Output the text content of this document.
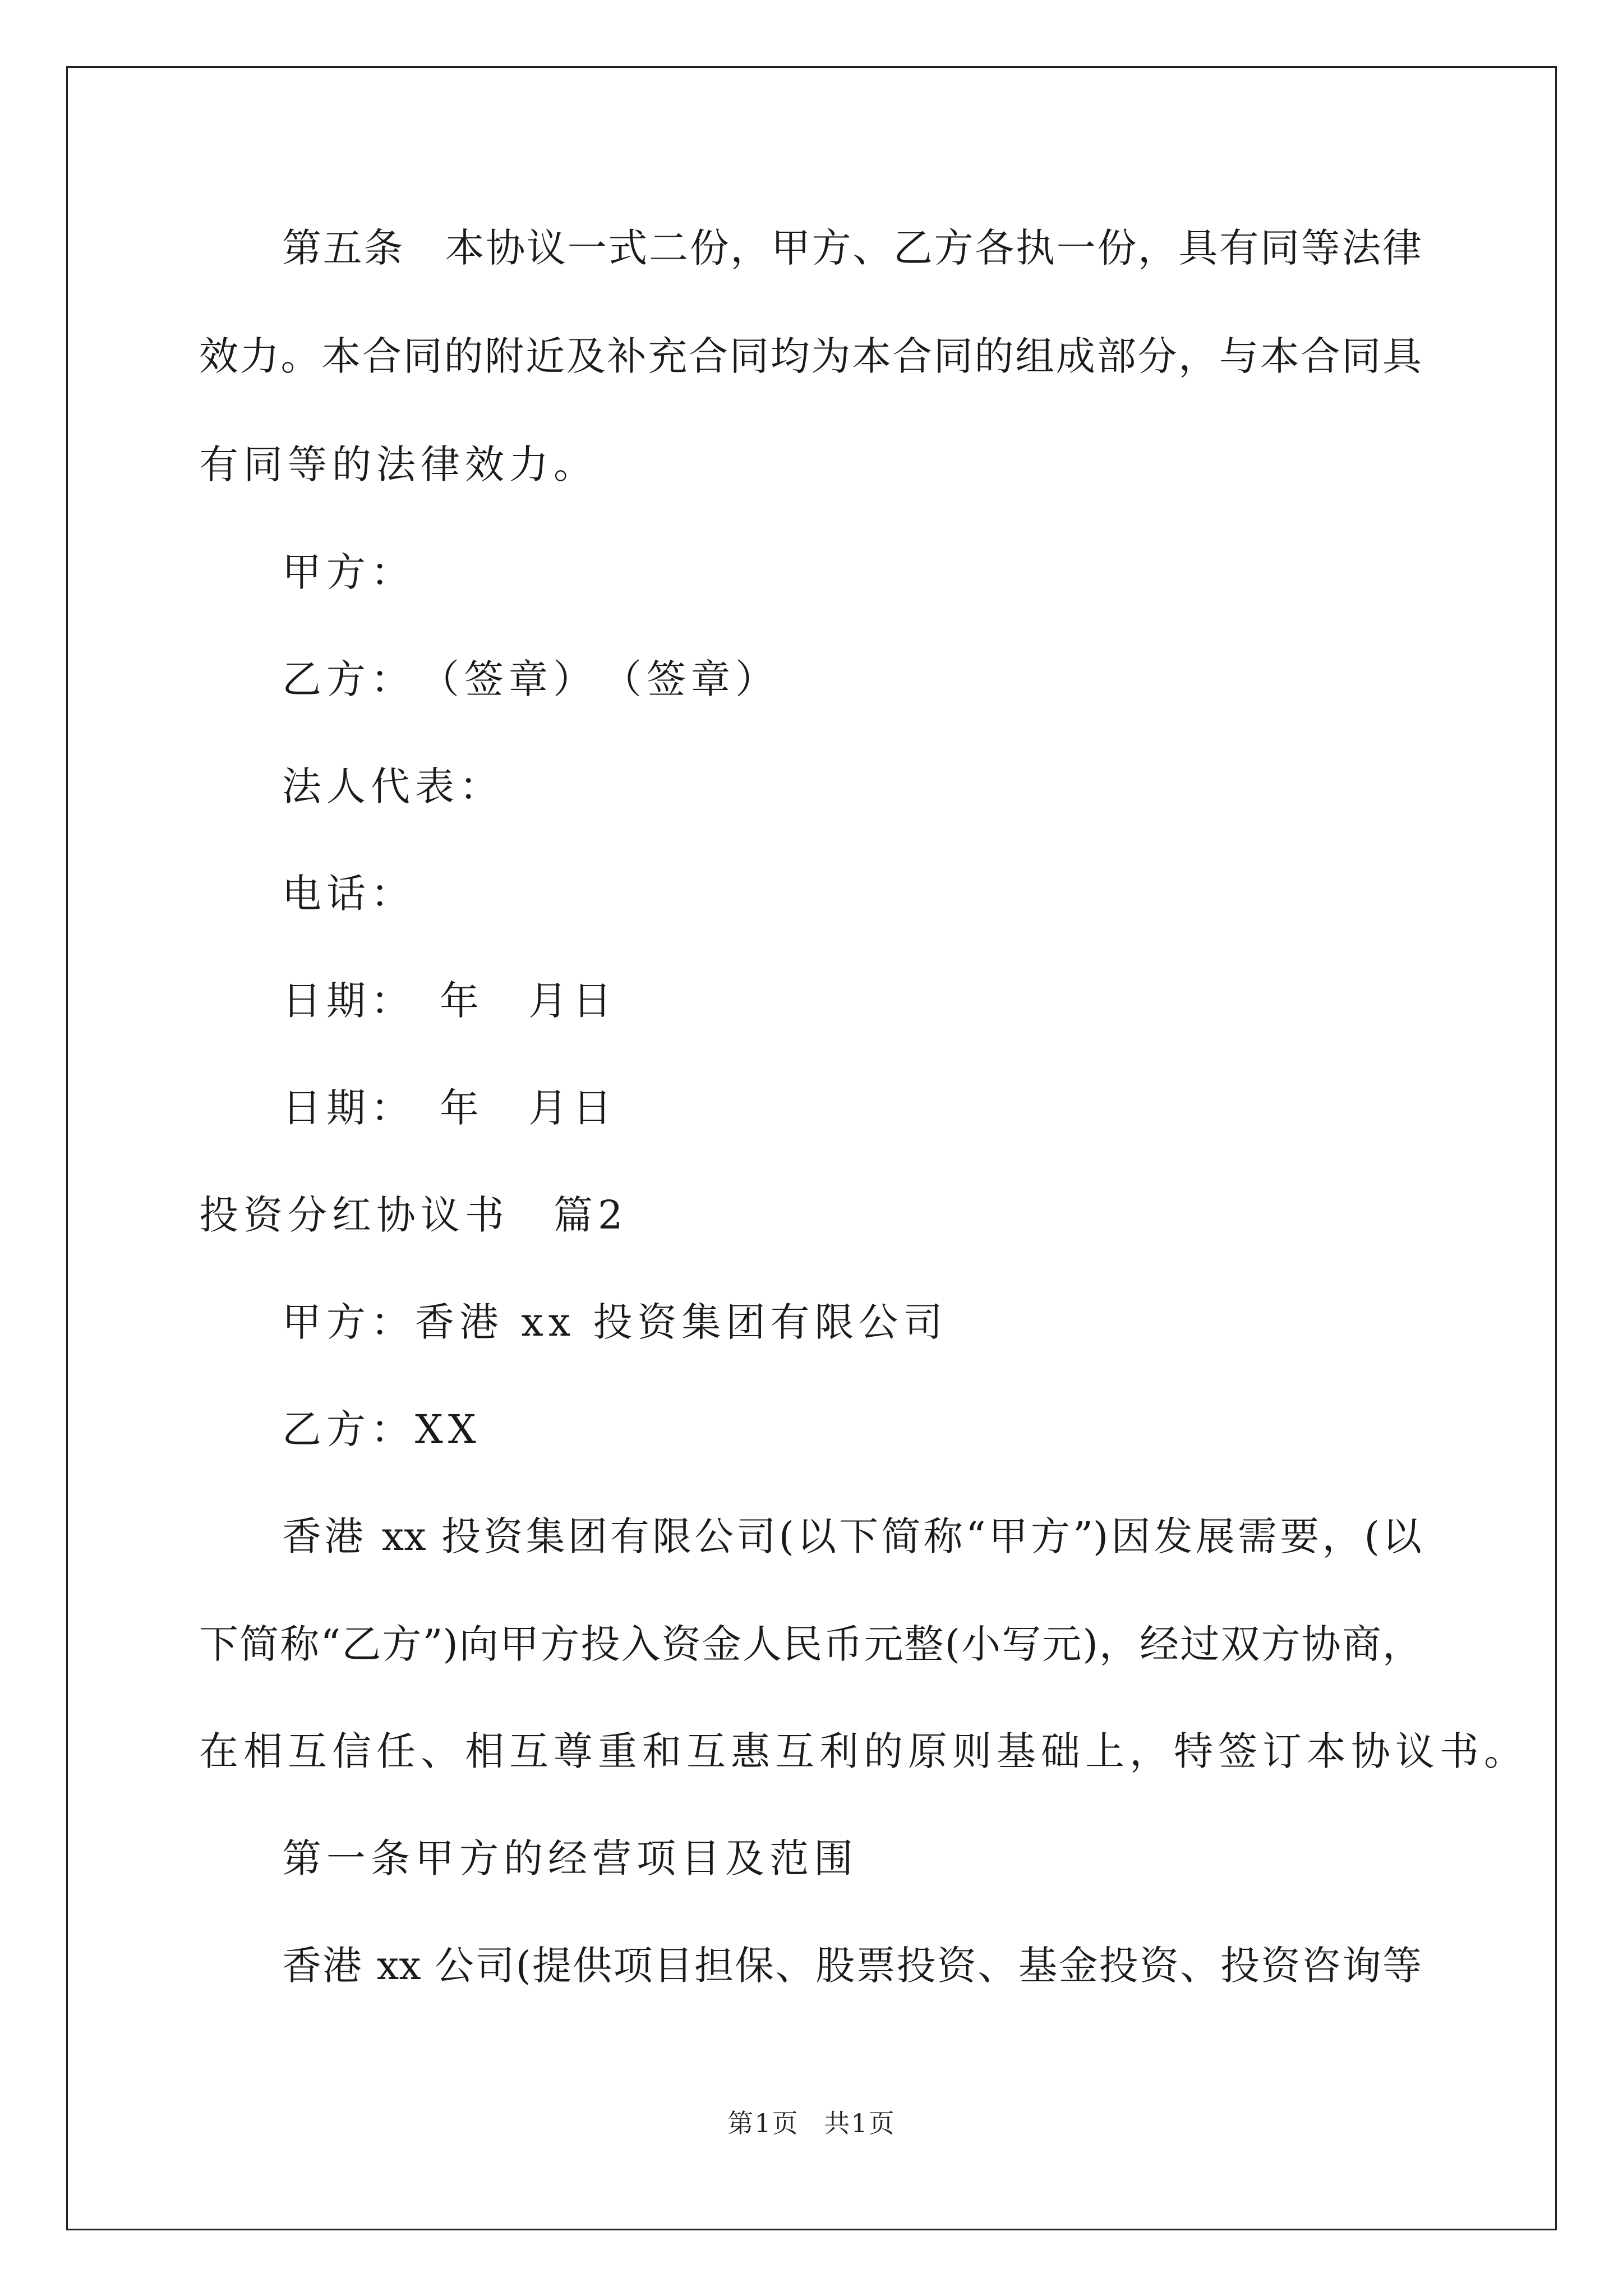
第五条　本协议一式二份，甲方、乙方各执一份，具有同等法律
效力。本合同的附近及补充合同均为本合同的组成部分，与本合同具
有同等的法律效力。
甲方：
乙方：　（签章）　（签章）
法人代表：
电话：
日期：　年　月日
日期：　年　月日
投资分红协议书　篇2
甲方：香港 xx 投资集团有限公司
乙方：XX
香港 xx 投资集团有限公司(以下简称“甲方”)因发展需要，(以
下简称“乙方”)向甲方投入资金人民币元整(小写元)，经过双方协商，
在相互信任、相互尊重和互惠互利的原则基础上，特签订本协议书。
第一条甲方的经营项目及范围
香港 xx 公司(提供项目担保、股票投资、基金投资、投资咨询等
第1页 共1页
